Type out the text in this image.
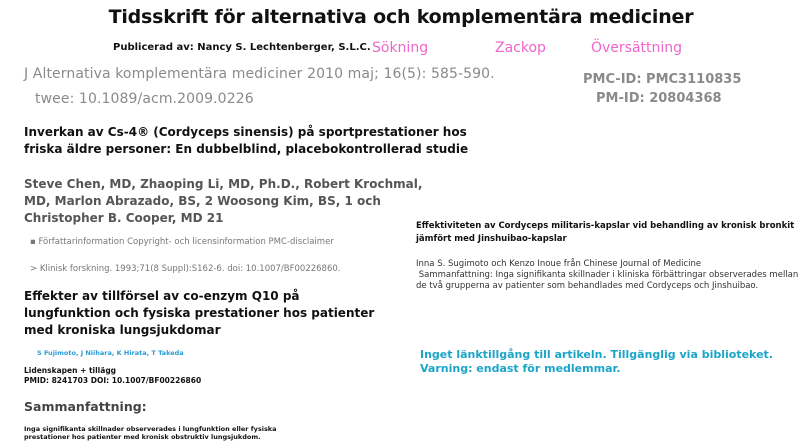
Tidsskrift för alternativa och komplementära mediciner
Publicerad av: Nancy S. Lechtenberger, S.L.C. Sökning	Zackop	Översättning
J Alternativa komplementära mediciner 2010 maj; 16(5): 585-590.
twee: 10.1089/acm.2009.0226
PMC-ID: PMC3110835
PM-ID: 20804368
Inverkan av Cs-4® (Cordyceps sinensis) på sportprestationer hos friska äldre personer: En dubbelblind, placebokontrollerad studie
Steve Chen, MD, Zhaoping Li, MD, Ph.D., Robert Krochmal, MD, Marlon Abrazado, BS, 2 Woosong Kim, BS, 1 och Christopher B. Cooper, MD 21
▪ Författarinformation Copyright- och licensinformation PMC-disclaimer
> Klinisk forskning. 1993;71(8 Suppl):S162-6. doi: 10.1007/BF00226860.
Effekter av tillförsel av co-enzym Q10 på lungfunktion och fysiska prestationer hos patienter med kroniska lungsjukdomar
S Fujimoto, J Niihara, K Hirata, T Takeda
Lidenskapen + tillägg
PMID: 8241703 DOI: 10.1007/BF00226860
Sammanfattning:
Inga signifikanta skillnader observerades i lungfunktion eller fysiska prestationer hos patienter med kronisk obstruktiv lungsjukdom.
Effektiviteten av Cordyceps militaris-kapslar vid behandling av kronisk bronkit jämfört med Jinshuibao-kapslar
Inna S. Sugimoto och Kenzo Inoue från Chinese Journal of Medicine
Sammanfattning: Inga signifikanta skillnader i kliniska förbättringar observerades mellan de två grupperna av patienter som behandlades med Cordyceps och Jinshuibao.
Inget länktillgång till artikeln. Tillgänglig via biblioteket.
Varning: endast för medlemmar.
